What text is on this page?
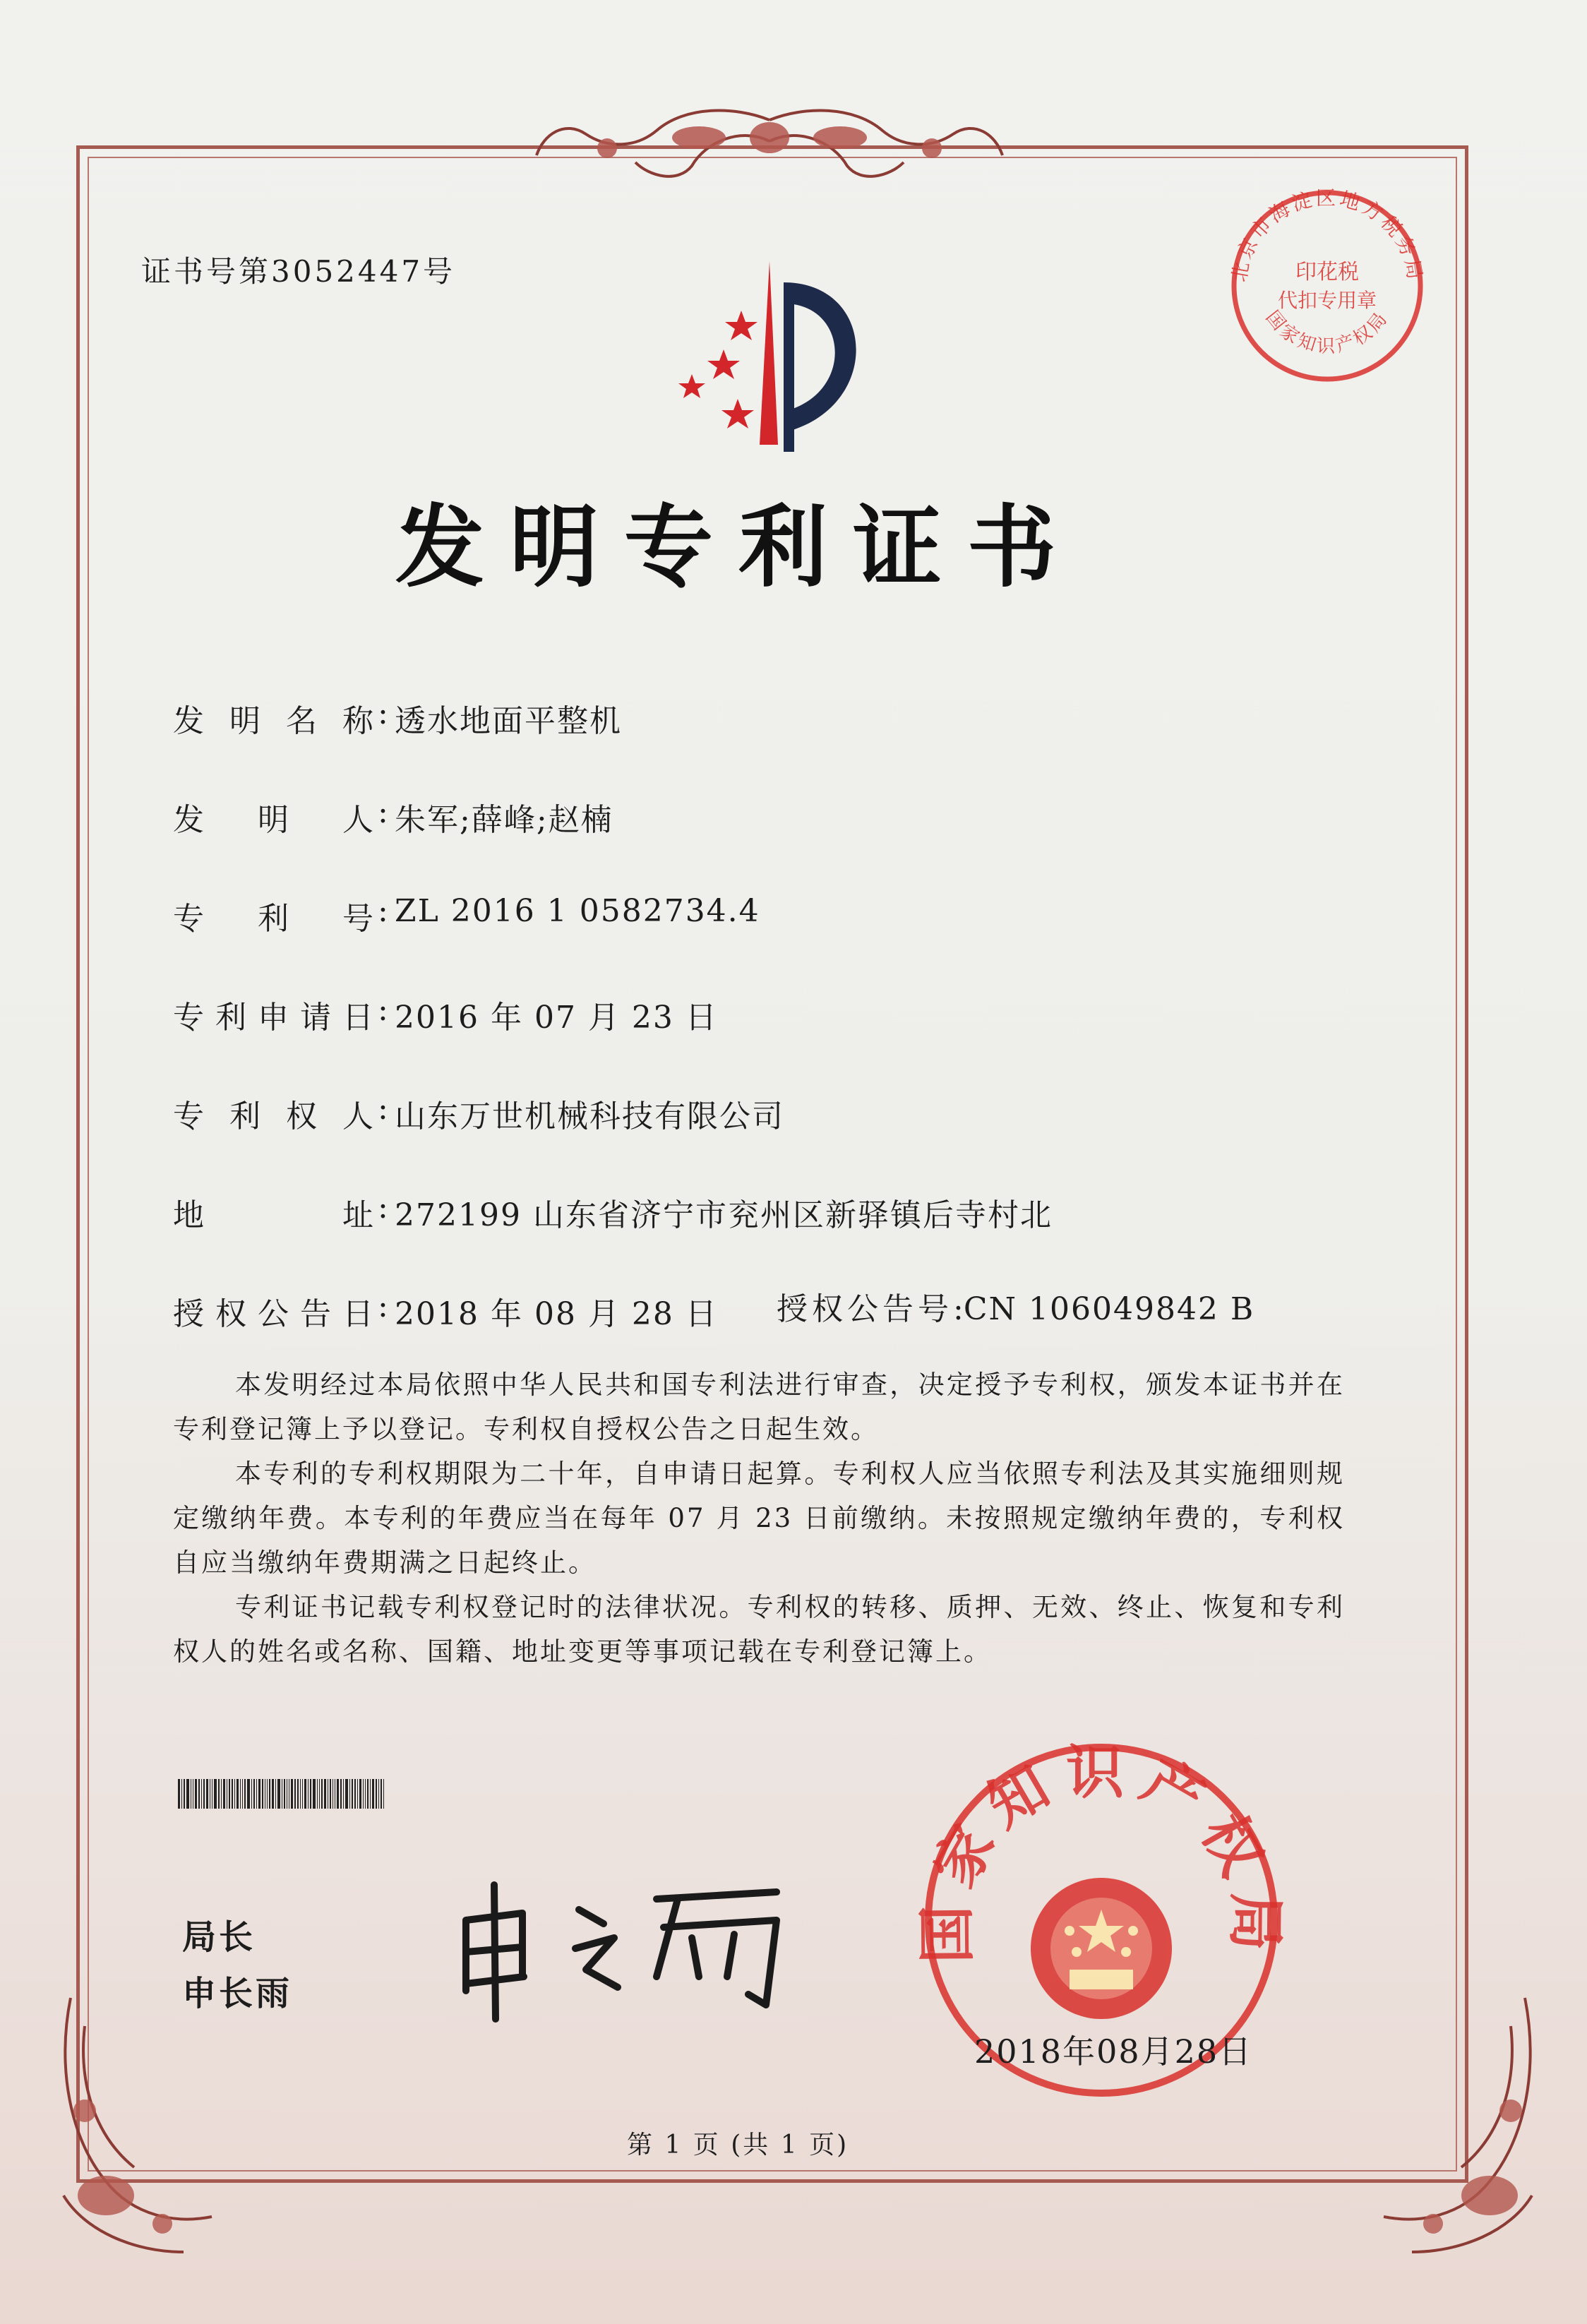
证书号第3052447号	北京市海淀区地方税务局
印花税
代扣专用章
国家知识产权局
发明专利证书
发明名称 : 透水地面平整机
发明人 : 朱军;薛峰;赵楠
专利号 : ZL 2016 1 0582734.4
专利申请日 : 2016 年 07 月 23 日
专利权人 : 山东万世机械科技有限公司
地址 : 272199 山东省济宁市兖州区新驿镇后寺村北
授权公告日 : 2018 年 08 月 28 日 授权公告号:CN 106049842 B

本发明经过本局依照中华人民共和国专利法进行审查，决定授予专利权，颁发本证书并在专利登记簿上予以登记。专利权自授权公告之日起生效。

本专利的专利权期限为二十年，自申请日起算。专利权人应当依照专利法及其实施细则规定缴纳年费。本专利的年费应当在每年 07 月 23 日前缴纳。未按照规定缴纳年费的，专利权自应当缴纳年费期满之日起终止。

专利证书记载专利权登记时的法律状况。专利权的转移、质押、无效、终止、恢复和专利权人的姓名或名称、国籍、地址变更等事项记载在专利登记簿上。

局长
申长雨
国家知识产权局
2018年08月28日
第 1 页 (共 1 页)
